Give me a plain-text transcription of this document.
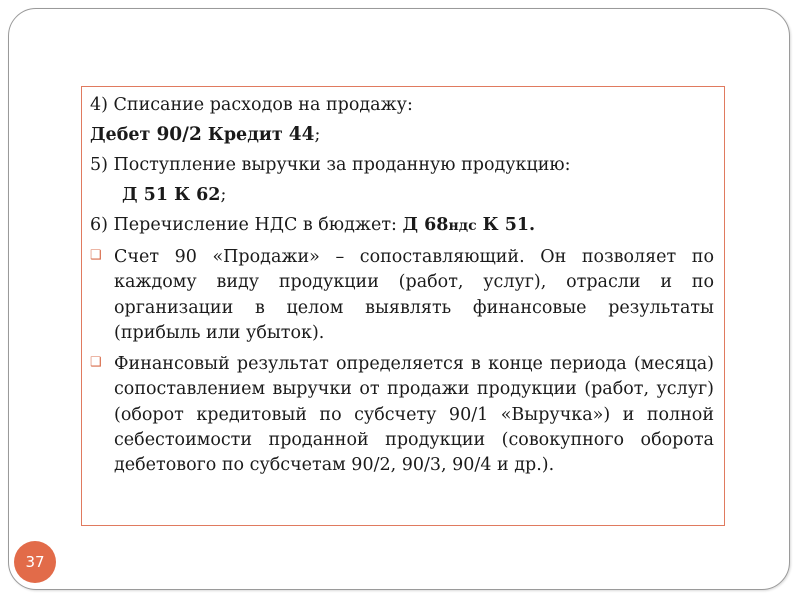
4) Списание расходов на продажу:
Дебет 90/2 Кредит 44;
5) Поступление выручки за проданную продукцию:
Д 51 К 62;
6) Перечисление НДС в бюджет: Д 68ндс К 51.
❑ Счет 90 «Продажи» – сопоставляющий. Он позволяет по
каждому виду продукции (работ, услуг), отрасли и по
организации в целом выявлять финансовые результаты
(прибыль или убыток).
❑ Финансовый результат определяется в конце периода (месяца)
сопоставлением выручки от продажи продукции (работ, услуг)
(оборот кредитовый по субсчету 90/1 «Выручка») и полной
себестоимости проданной продукции (совокупного оборота
дебетового по субсчетам 90/2, 90/3, 90/4 и др.).
37
